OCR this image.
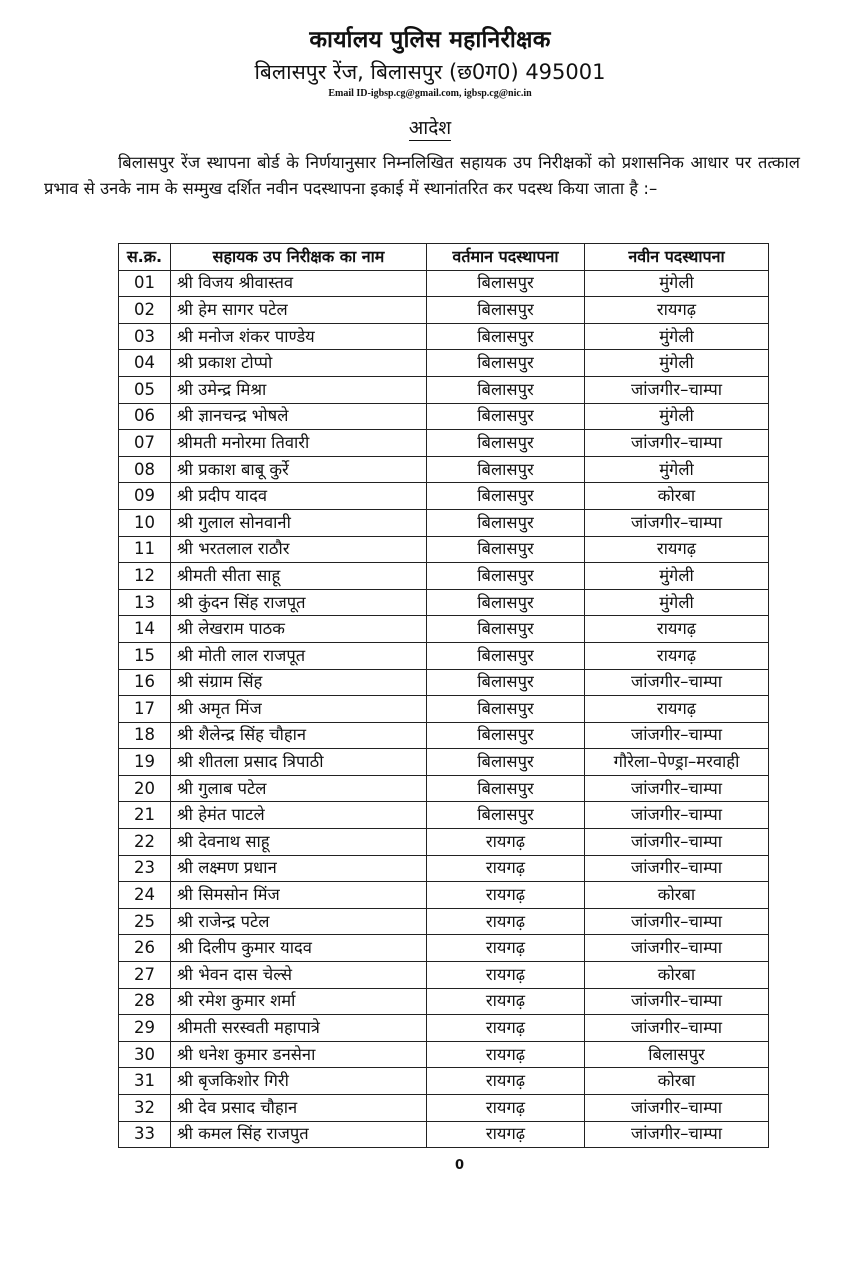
कार्यालय पुलिस महानिरीक्षक
बिलासपुर रेंज, बिलासपुर (छ0ग0) 495001
Email ID-igbsp.cg@gmail.com, igbsp.cg@nic.in
आदेश
बिलासपुर रेंज स्थापना बोर्ड के निर्णयानुसार निम्नलिखित सहायक उप निरीक्षकों को प्रशासनिक आधार पर तत्काल प्रभाव से उनके नाम के सम्मुख दर्शित नवीन पदस्थापना इकाई में स्थानांतरित कर पदस्थ किया जाता है :–
स.क्र.	सहायक उप निरीक्षक का नाम	वर्तमान पदस्थापना	नवीन पदस्थापना
01	श्री विजय श्रीवास्तव	बिलासपुर	मुंगेली
02	श्री हेम सागर पटेल	बिलासपुर	रायगढ़
03	श्री मनोज शंकर पाण्डेय	बिलासपुर	मुंगेली
04	श्री प्रकाश टोप्पो	बिलासपुर	मुंगेली
05	श्री उमेन्द्र मिश्रा	बिलासपुर	जांजगीर–चाम्पा
06	श्री ज्ञानचन्द्र भोषले	बिलासपुर	मुंगेली
07	श्रीमती मनोरमा तिवारी	बिलासपुर	जांजगीर–चाम्पा
08	श्री प्रकाश बाबू कुर्रे	बिलासपुर	मुंगेली
09	श्री प्रदीप यादव	बिलासपुर	कोरबा
10	श्री गुलाल सोनवानी	बिलासपुर	जांजगीर–चाम्पा
11	श्री भरतलाल राठौर	बिलासपुर	रायगढ़
12	श्रीमती सीता साहू	बिलासपुर	मुंगेली
13	श्री कुंदन सिंह राजपूत	बिलासपुर	मुंगेली
14	श्री लेखराम पाठक	बिलासपुर	रायगढ़
15	श्री मोती लाल राजपूत	बिलासपुर	रायगढ़
16	श्री संग्राम सिंह	बिलासपुर	जांजगीर–चाम्पा
17	श्री अमृत मिंज	बिलासपुर	रायगढ़
18	श्री शैलेन्द्र सिंह चौहान	बिलासपुर	जांजगीर–चाम्पा
19	श्री शीतला प्रसाद त्रिपाठी	बिलासपुर	गौरेला–पेण्ड्रा–मरवाही
20	श्री गुलाब पटेल	बिलासपुर	जांजगीर–चाम्पा
21	श्री हेमंत पाटले	बिलासपुर	जांजगीर–चाम्पा
22	श्री देवनाथ साहू	रायगढ़	जांजगीर–चाम्पा
23	श्री लक्ष्मण प्रधान	रायगढ़	जांजगीर–चाम्पा
24	श्री सिमसोन मिंज	रायगढ़	कोरबा
25	श्री राजेन्द्र पटेल	रायगढ़	जांजगीर–चाम्पा
26	श्री दिलीप कुमार यादव	रायगढ़	जांजगीर–चाम्पा
27	श्री भेवन दास चेल्से	रायगढ़	कोरबा
28	श्री रमेश कुमार शर्मा	रायगढ़	जांजगीर–चाम्पा
29	श्रीमती सरस्वती महापात्रे	रायगढ़	जांजगीर–चाम्पा
30	श्री धनेश कुमार डनसेना	रायगढ़	बिलासपुर
31	श्री बृजकिशोर गिरी	रायगढ़	कोरबा
32	श्री देव प्रसाद चौहान	रायगढ़	जांजगीर–चाम्पा
33	श्री कमल सिंह राजपुत	रायगढ़	जांजगीर–चाम्पा
0
